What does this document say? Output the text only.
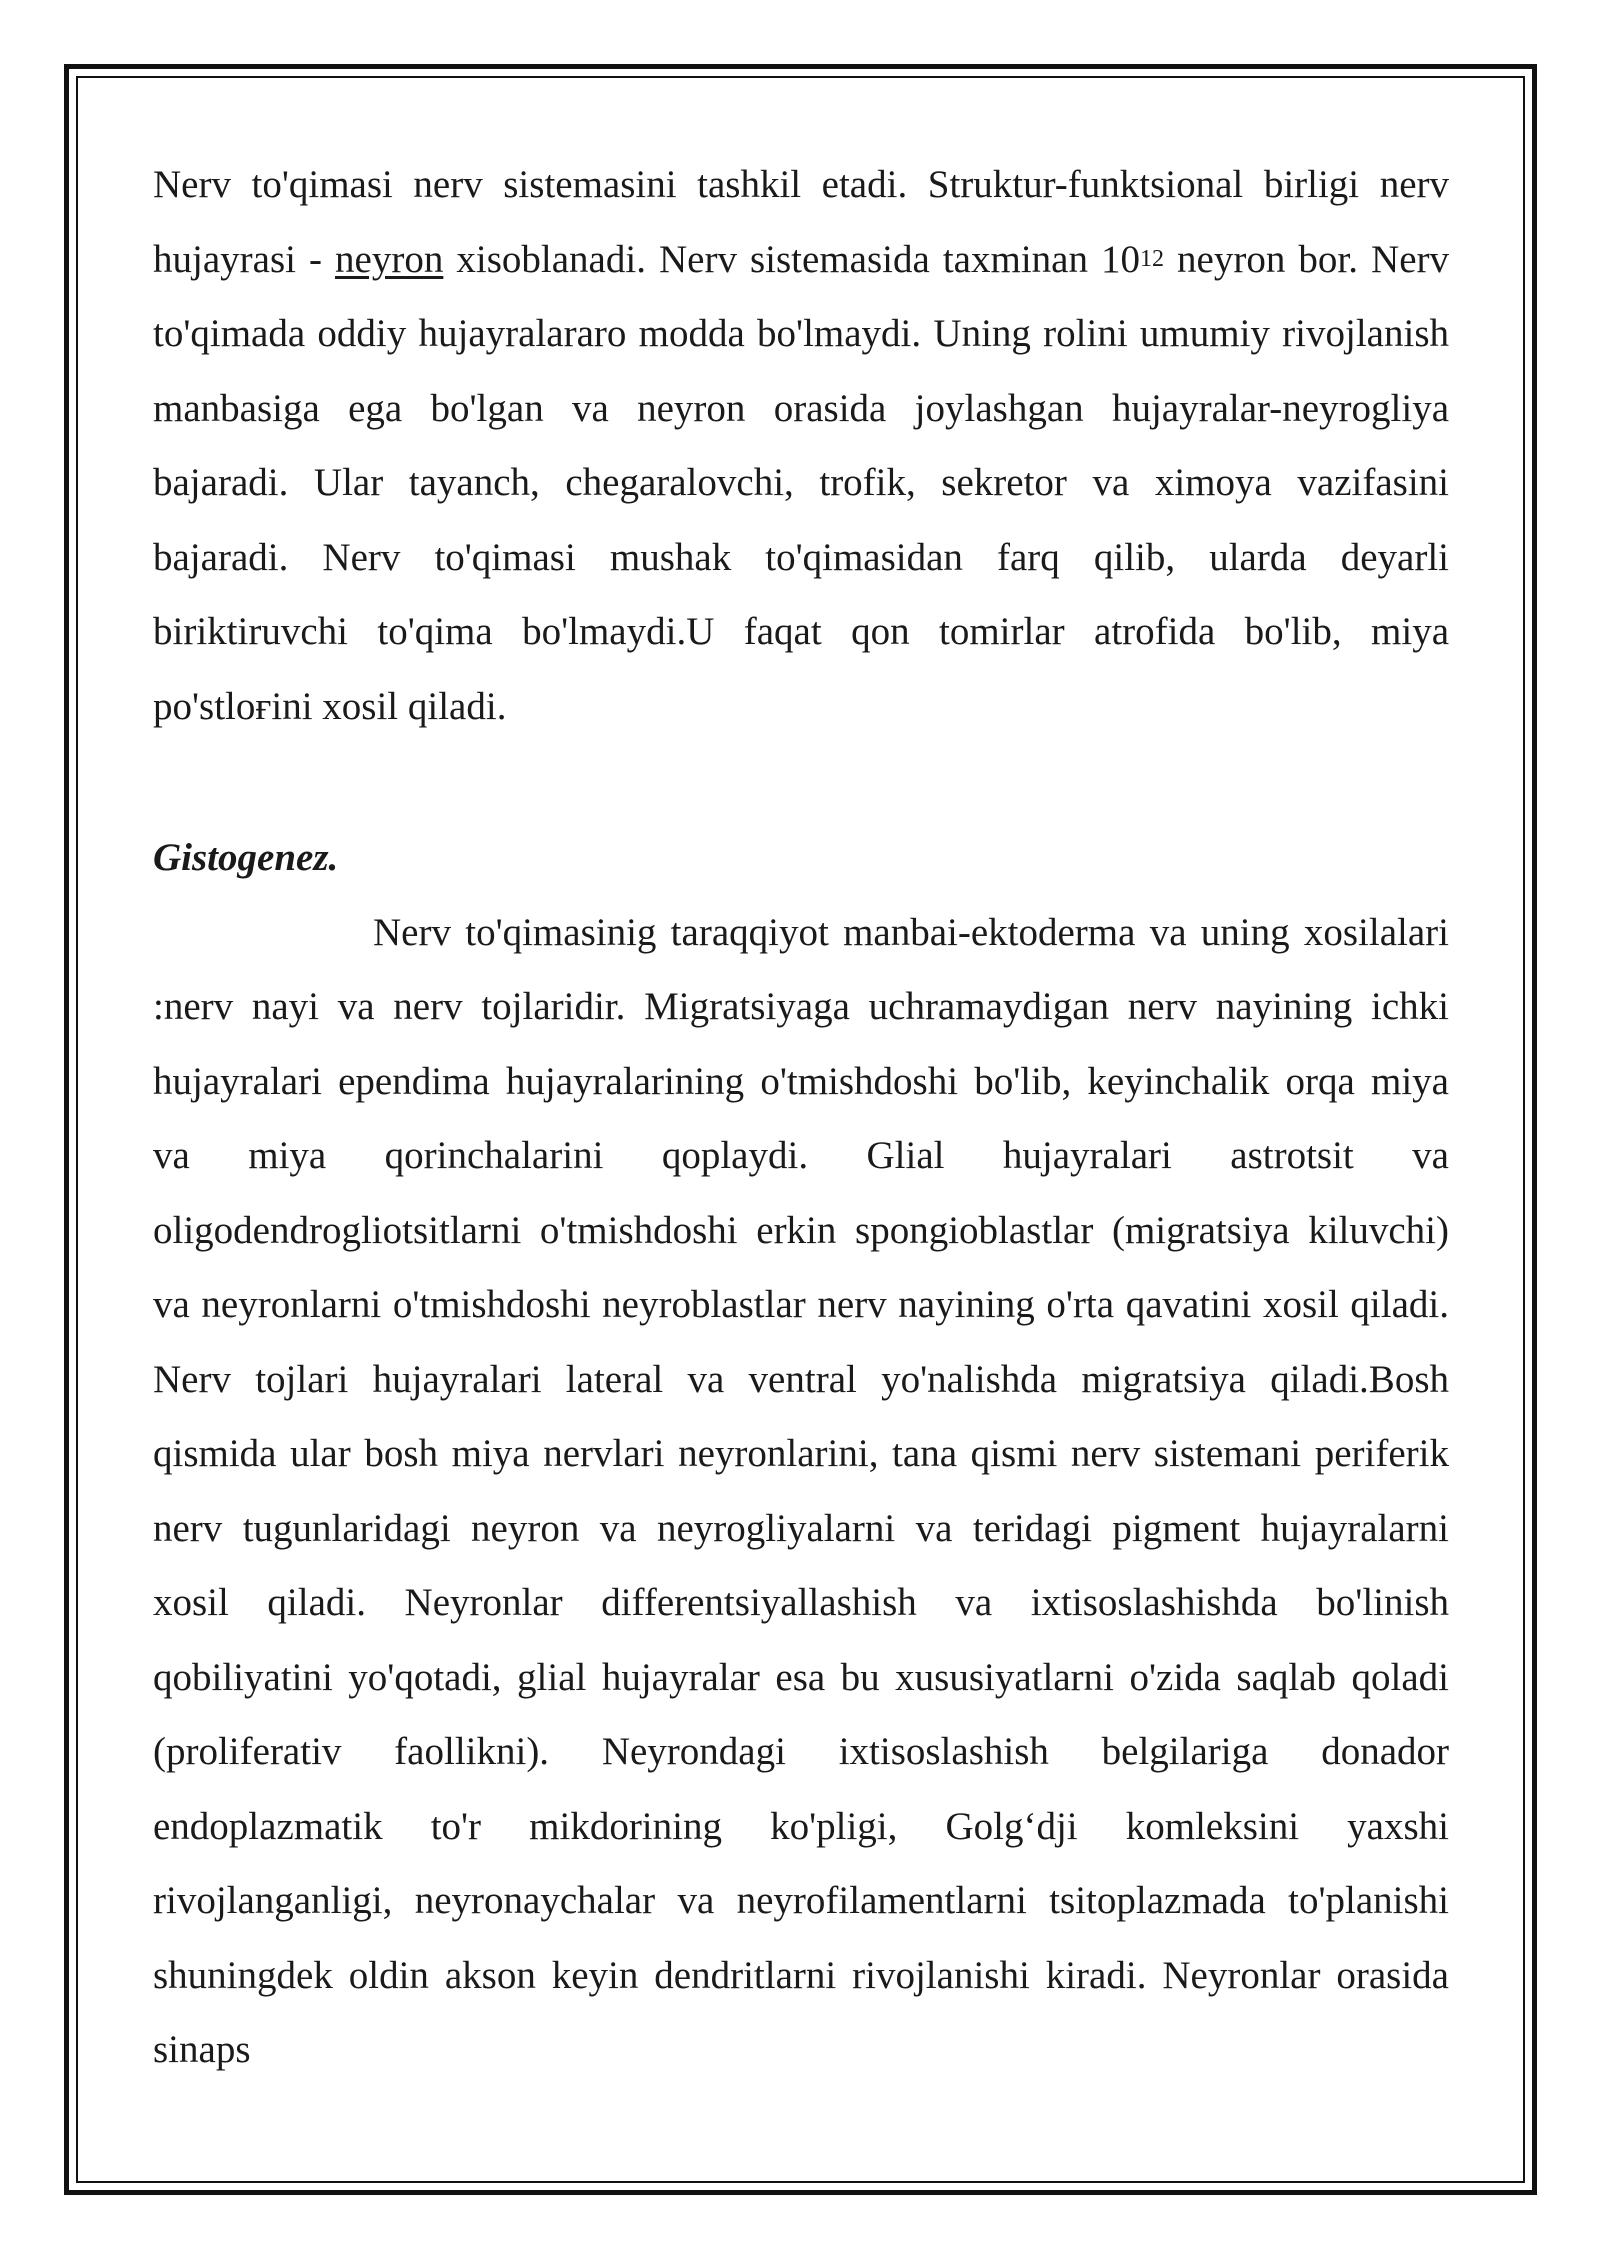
Nerv to'qimasi nerv sistemasini tashkil etadi. Struktur-funktsional birligi nerv hujayrasi - neyron xisoblanadi. Nerv sistemasida taxminan $10^{12}$ neyron bor. Nerv to'qimada oddiy hujayralararo modda bo'lmaydi. Uning rolini umumiy rivojlanish manbasiga ega bo'lgan va neyron orasida joylashgan hujayralar-neyrogliya bajaradi. Ular tayanch, chegaralovchi, trofik, sekretor va ximoya vazifasini bajaradi. Nerv to'qimasi mushak to'qimasidan farq qilib, ularda deyarli biriktiruvchi to'qima bo'lmaydi.U faqat qon tomirlar atrofida bo'lib, miya po'stloғini xosil qiladi.

Gistogenez.

Nerv to'qimasinig taraqqiyot manbai-ektoderma va uning xosilalari :nerv nayi va nerv tojlaridir. Migratsiyaga uchramaydigan nerv nayining ichki hujayralari ependima hujayralarining o'tmishdoshi bo'lib, keyinchalik orqa miya va miya qorinchalarini qoplaydi. Glial hujayralari astrotsit va oligodendrogliotsitlarni o'tmishdoshi erkin spongioblastlar (migratsiya kiluvchi) va neyronlarni o'tmishdoshi neyroblastlar nerv nayining o'rta qavatini xosil qiladi. Nerv tojlari hujayralari lateral va ventral yo'nalishda migratsiya qiladi.Bosh qismida ular bosh miya nervlari neyronlarini, tana qismi nerv sistemani periferik nerv tugunlaridagi neyron va neyrogliyalarni va teridagi pigment hujayralarni xosil qiladi. Neyronlar differentsiyallashish va ixtisoslashishda bo'linish qobiliyatini yo'qotadi, glial hujayralar esa bu xususiyatlarni o'zida saqlab qoladi (proliferativ faollikni). Neyrondagi ixtisoslashish belgilariga donador endoplazmatik to'r mikdorining ko'pligi, Golg‘dji komleksini yaxshi rivojlanganligi, neyronaychalar va neyrofilamentlarni tsitoplazmada to'planishi shuningdek oldin akson keyin dendritlarni rivojlanishi kiradi. Neyronlar orasida sinaps
